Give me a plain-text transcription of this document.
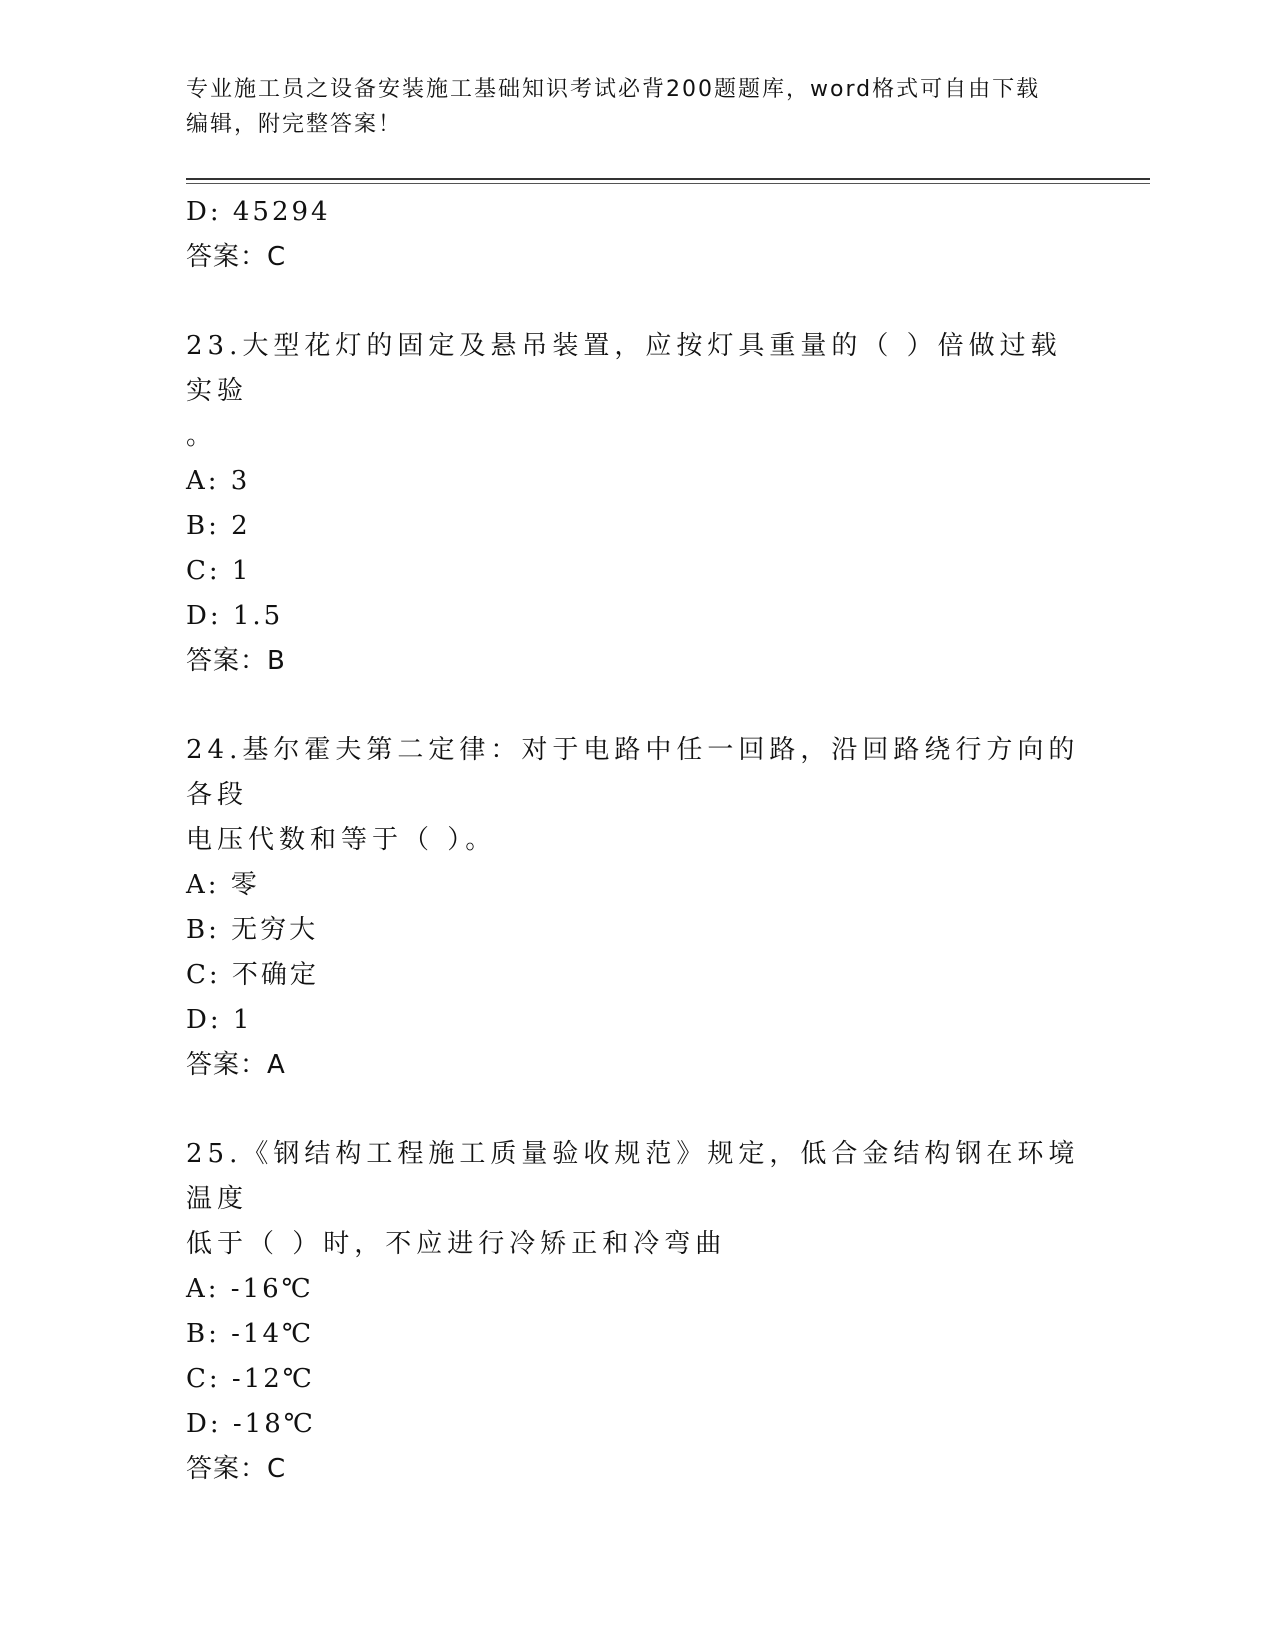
专业施工员之设备安装施工基础知识考试必背200题题库，word格式可自由下载
编辑，附完整答案！
D: 45294
答案：C
23.大型花灯的固定及悬吊装置，应按灯具重量的（ ）倍做过载实验
。
A: 3
B: 2
C: 1
D: 1.5
答案：B
24.基尔霍夫第二定律：对于电路中任一回路，沿回路绕行方向的各段
电压代数和等于（ ）。
A: 零
B: 无穷大
C: 不确定
D: 1
答案：A
25.《钢结构工程施工质量验收规范》规定，低合金结构钢在环境温度
低于（ ）时，不应进行冷矫正和冷弯曲
A: -16℃
B: -14℃
C: -12℃
D: -18℃
答案：C
